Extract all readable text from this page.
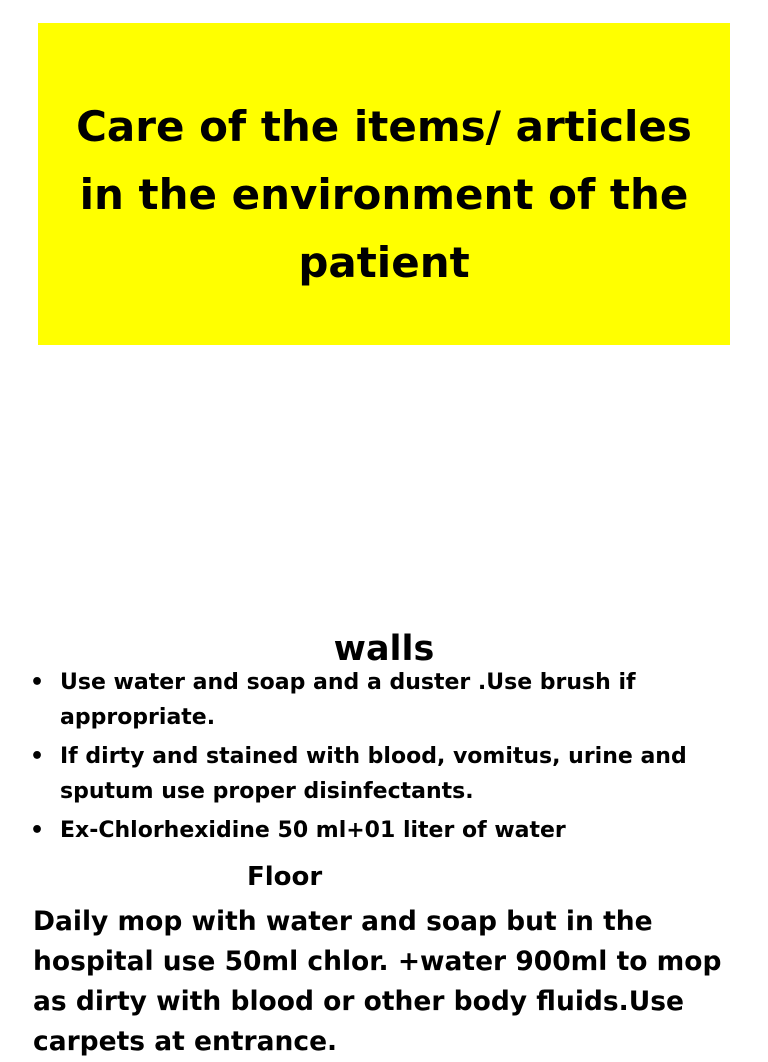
Care of the items/ articles in the environment of the patient
walls
• Use water and soap and a duster .Use brush if
appropriate.
• If dirty and stained with blood, vomitus, urine and
sputum use proper disinfectants.
• Ex-Chlorhexidine 50 ml+01 liter of water
Floor

Daily mop with water and soap but in the hospital use 50ml chlor. +water 900ml to mop as dirty with blood or other body fluids.Use carpets at entrance.
